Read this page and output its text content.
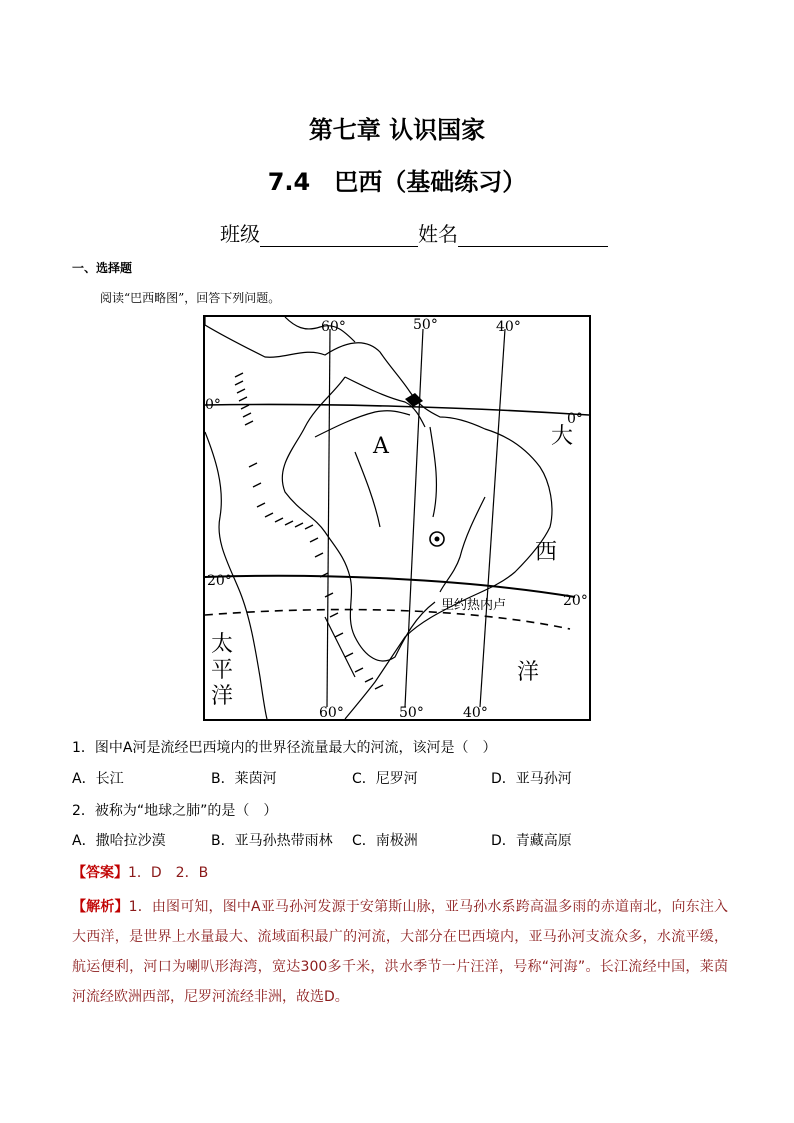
第七章 认识国家
7.4　巴西（基础练习）
班级	姓名
一、选择题
阅读“巴西略图”，回答下列问题。
60°	50°	40°
60°	50°	40°
0°
0°
20°
20°
A
里约热内卢
大
西
洋
太
平
洋
1．图中A河是流经巴西境内的世界径流量最大的河流，该河是（　）
A．长江	B．莱茵河	C．尼罗河	D．亚马孙河
2．被称为“地球之肺”的是（　）
A．撒哈拉沙漠	B．亚马孙热带雨林 C．南极洲	D．青藏高原
【答案】1．D　2．B
【解析】1．由图可知，图中A亚马孙河发源于安第斯山脉，亚马孙水系跨高温多雨的赤道南北，向东注入大西洋，是世界上水量最大、流域面积最广的河流，大部分在巴西境内，亚马孙河支流众多，水流平缓，航运便利，河口为喇叭形海湾，宽达300多千米，洪水季节一片汪洋，号称“河海”。长江流经中国，莱茵河流经欧洲西部，尼罗河流经非洲，故选D。
